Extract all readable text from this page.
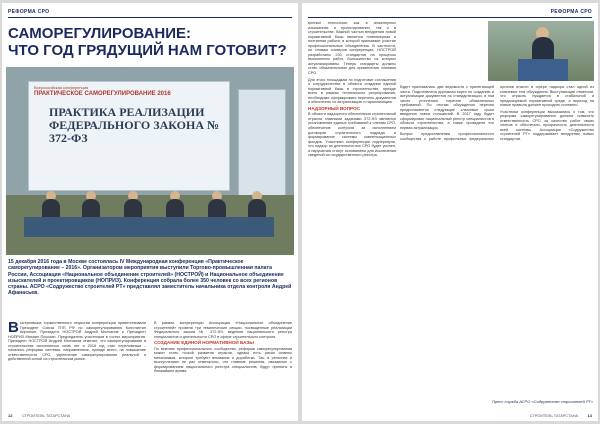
РЕФОРМА СРО
САМОРЕГУЛИРОВАНИЕ:
ЧТО ГОД ГРЯДУЩИЙ НАМ ГОТОВИТ?
Всероссийская конференция
ПРАКТИЧЕСКОЕ САМОРЕГУЛИРОВАНИЕ 2016
ПРАКТИКА РЕАЛИЗАЦИИ ФЕДЕРАЛЬНОГО ЗАКОНА № 372-ФЗ
15 декабря 2016 года в Москве состоялась IV Международная конференция «Практическое саморегулирование – 2016». Организатором мероприятия выступили Торгово-промышленная палата России, Ассоциация «Национальное объединение строителей» (НОСТРОЙ) и Национальное объединение изыскателей и проектировщиков (НОПРИЗ). Конференция собрала более 350 человек со всех регионов страны. АСРО «Содружество строителей РТ» представлял заместитель начальника отдела контроля Андрей Афанасьев.
В ыступившие торжественного открытия конференции приветствовали Президент Союза ТПП РФ по саморегулированию Константин Апряткин, Президент НОСТРОЙ Андрей Молчанов и Президент НОПРИЗ Михаил Посохин. Председатель участников в гостях мероприятия. Президент НОСТРОЙ Андрей Молчанов отметил, что саморегулирование в строительстве исполнилось семь лет и 2016 год стал переломным – начались реформы системы, направленные, прежде всего, на повышение ответственности СРО, укрепление саморегулирования реальной и действенной силой на строительном рынке.
В рамках конференции Ассоциация «Национальное объединение строителей» провела три тематические секции, посвященные реализации Федерального закона № 372-ФЗ, ведению национального реестра специалистов и деятельности СРО в сфере строительного контроля.
СОЗДАНИЕ ЕДИНОЙ НОРМАТИВНОЙ БАЗЫ
По мнению профессионального сообщества, реформа саморегулирования может стать точкой развития отрасли, однако есть риски отмены механизмов, которые требуют внимания и доработки. Так, в регионах и выступлениях не раз отмечалось, что главные решения, связанные с формированием национального реестра специалистов, будут приняты в ближайшее время.
12	СТРОИТЕЛЬ ТАТАРСТАНА
РЕФОРМА СРО
ценные технологии как в инженерных изысканиях и проектировании, так и в строительстве. Важной частью внедрения новой нормативной базы является планомерная и поэтапная работа, в которой принимают участие профессиональные объединения. В частности, по словам спикеров конференции, НОСТРОЙ разработаны 230 стандартов на процессы выполнения работ, большинство из которых актуализированы. Теперь стандарты должны стать обязательными для применения членами СРО.
Для этого площадкам по подготовке соглашения о сотрудничестве в области создания единой нормативной базы в строительстве, прежде всего в рамках технического регулирования, необходимо сформировать перечень документов и обеспечить их актуализацию и гармонизацию.
НАДЗОРНЫЙ ВОПРОС
В области надзорного обеспечения строительной отрасли главными задачами 372-ФЗ являются установление единых требований к членам СРО, обеспечение контроля за исполнением договоров строительного подряда и формирование системы компенсационных фондов. Участники конференции подчеркнули, что надзор за деятельностью СРО будет усилен, а нарушения станут основанием для исключения сведений из государственного реестра.
Будет принималась две ведомости с прилегающей части. Подготовлена дорожная карта по созданию и актуализации документов по стандартизации, в том числе уточнению перечня обязательных требований. По итогам обсуждения перечня предполагаются следующие ключевые сроки введения новых положений. В 2017 году будет сформирован национальный реестр специалистов в области строительства, а также проведена его первая актуализация.
Вопрос предоставления профессионального сообщества к работе профильных федеральных органов власти в сфере надзора стал одной из ключевых тем обсуждения. Выступающие отметили, что отрасль нуждается в стабильной и предсказуемой нормативной среде, а переход на новые правила должен проходить поэтапно.
Участники конференции высказались о том, что реформа саморегулирования должна повысить ответственность СРО за качество работ своих членов и обеспечить прозрачность деятельности всей системы. Ассоциация «Содружество строителей РТ» поддерживает внедрение новых стандартов.
Пресс-служба АСРО «Содружество строителей РТ»
СТРОИТЕЛЬ ТАТАРСТАНА 13
